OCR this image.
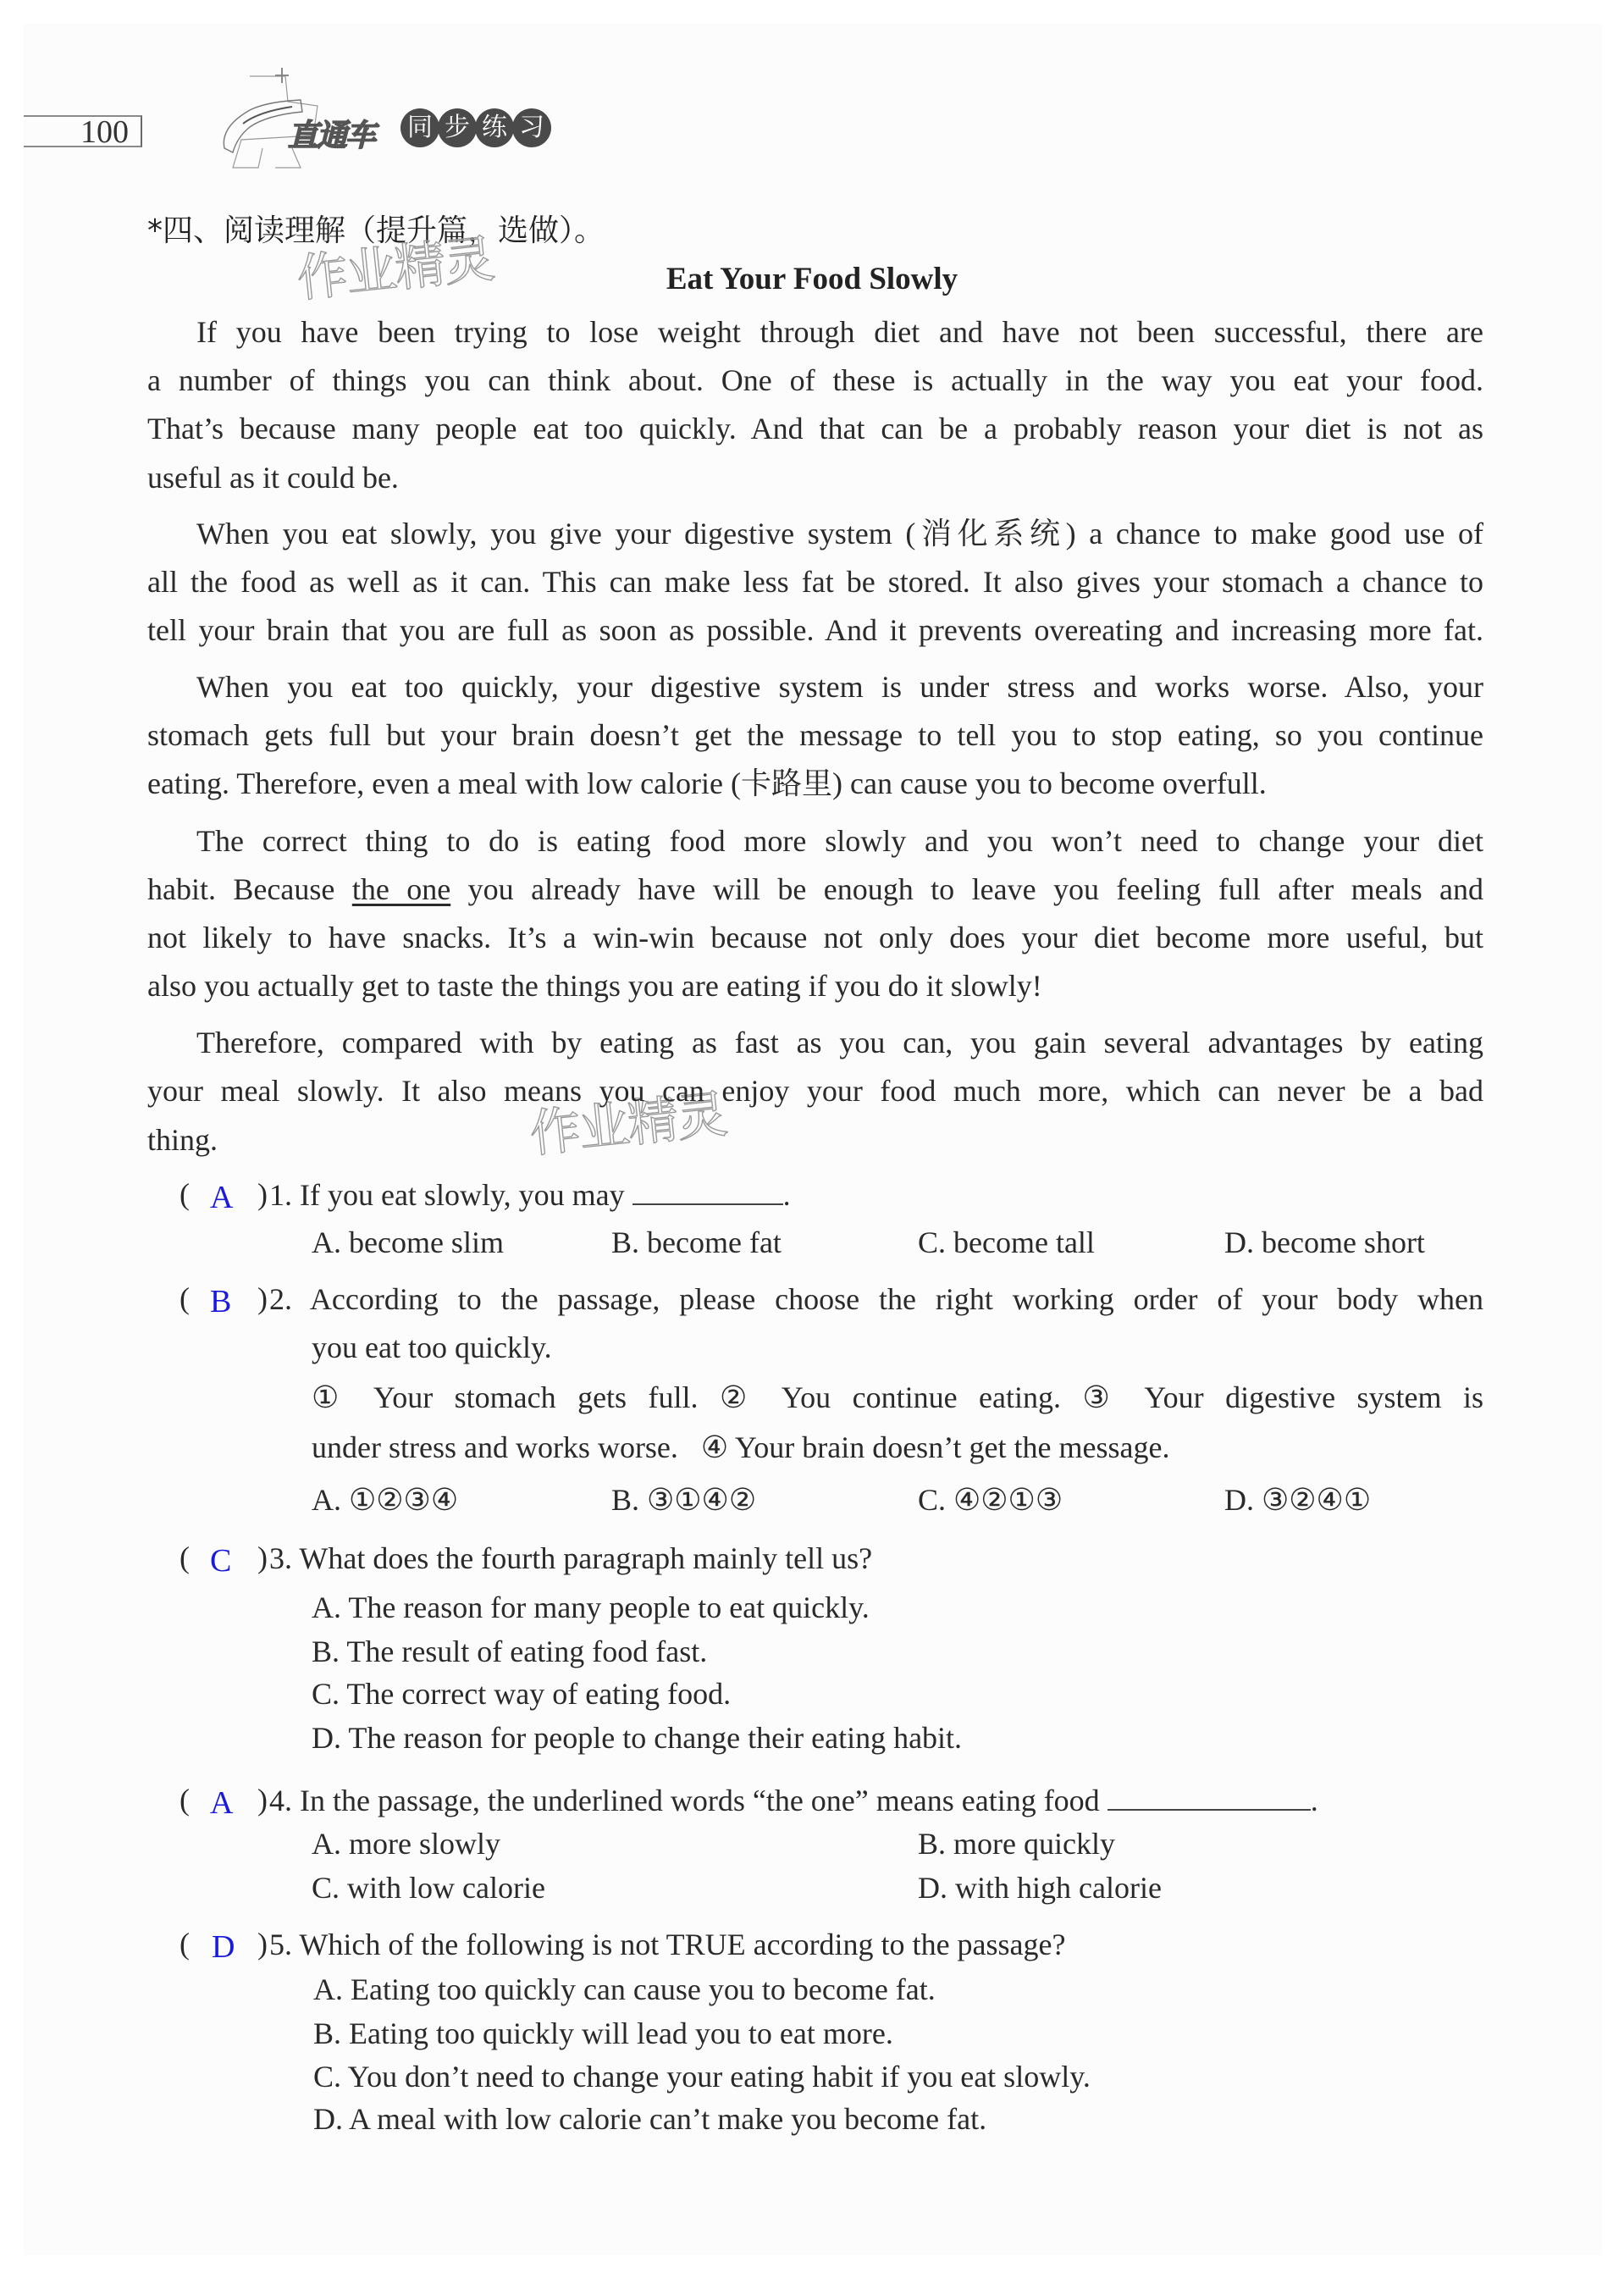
100	直通车 同 步 练 习
*四、阅读理解（提升篇，选做）。
作业精灵
作业精灵
Eat Your Food Slowly
If you have been trying to lose weight through diet and have not been successful, there are
a number of things you can think about. One of these is actually in the way you eat your food.
That’s because many people eat too quickly. And that can be a probably reason your diet is not as
useful as it could be.
When you eat slowly, you give your digestive system (消化系统) a chance to make good use of
all the food as well as it can. This can make less fat be stored. It also gives your stomach a chance to
tell your brain that you are full as soon as possible. And it prevents overeating and increasing more fat.
When you eat too quickly, your digestive system is under stress and works worse. Also, your
stomach gets full but your brain doesn’t get the message to tell you to stop eating, so you continue
eating. Therefore, even a meal with low calorie (卡路里) can cause you to become overfull.
The correct thing to do is eating food more slowly and you won’t need to change your diet
habit. Because the one you already have will be enough to leave you feeling full after meals and
not likely to have snacks. It’s a win-win because not only does your diet become more useful, but
also you actually get to taste the things you are eating if you do it slowly!
Therefore, compared with by eating as fast as you can, you gain several advantages by eating
your meal slowly. It also means you can enjoy your food much more, which can never be a bad
thing.
( A ) 1. If you eat slowly, you may	.
A. become slim	B. become fat	C. become tall	D. become short
( B ) 2. According to the passage, please choose the right working order of your body when
you eat too quickly.
① Your stomach gets full. ② You continue eating. ③ Your digestive system is
under stress and works worse.   ④ Your brain doesn’t get the message.
A. ①②③④	B. ③①④②	C. ④②①③	D. ③②④①
( C ) 3. What does the fourth paragraph mainly tell us?
A. The reason for many people to eat quickly.
B. The result of eating food fast.
C. The correct way of eating food.
D. The reason for people to change their eating habit.
( A ) 4. In the passage, the underlined words “the one” means eating food	.
A. more slowly	B. more quickly
C. with low calorie	D. with high calorie
( D ) 5. Which of the following is not TRUE according to the passage?
A. Eating too quickly can cause you to become fat.
B. Eating too quickly will lead you to eat more.
C. You don’t need to change your eating habit if you eat slowly.
D. A meal with low calorie can’t make you become fat.
